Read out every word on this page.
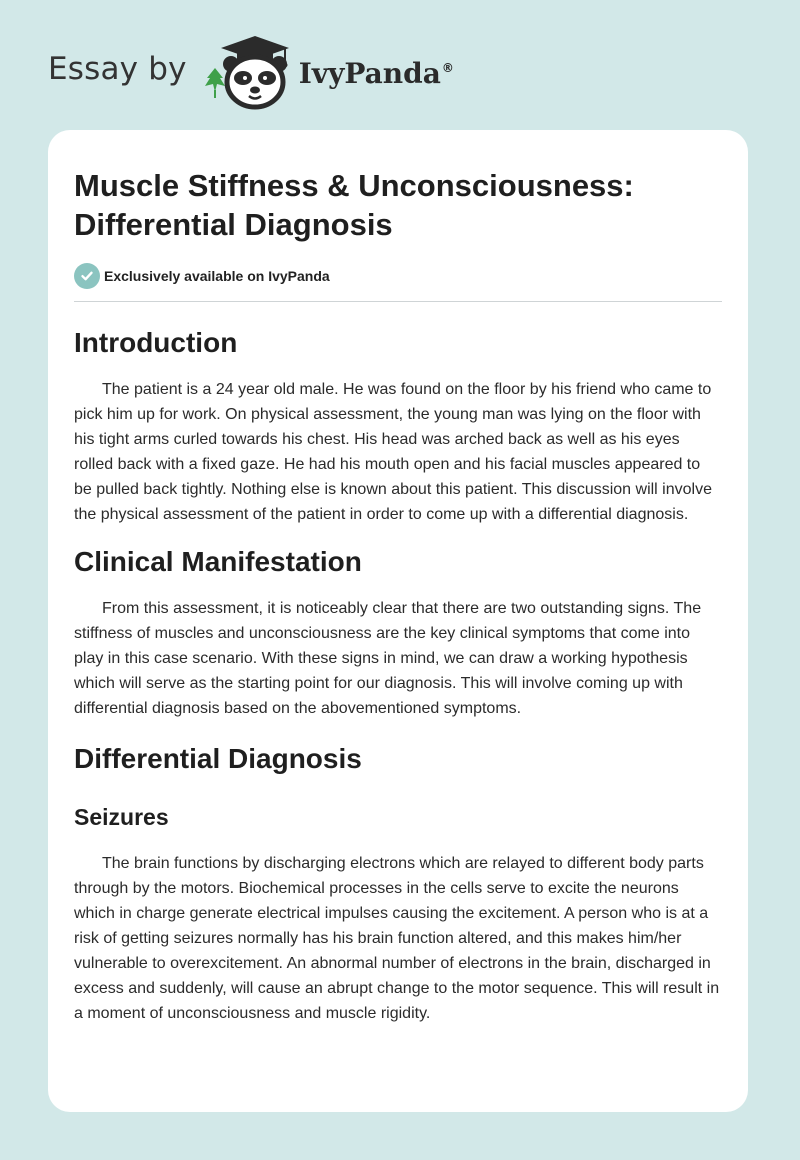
Essay by	IvyPanda®
Muscle Stiffness & Unconsciousness: Differential Diagnosis
Exclusively available on IvyPanda
Introduction

The patient is a 24 year old male. He was found on the floor by his friend who came to pick him up for work. On physical assessment, the young man was lying on the floor with his tight arms curled towards his chest. His head was arched back as well as his eyes rolled back with a fixed gaze. He had his mouth open and his facial muscles appeared to be pulled back tightly. Nothing else is known about this patient. This discussion will involve the physical assessment of the patient in order to come up with a differential diagnosis.

Clinical Manifestation

From this assessment, it is noticeably clear that there are two outstanding signs. The stiffness of muscles and unconsciousness are the key clinical symptoms that come into play in this case scenario. With these signs in mind, we can draw a working hypothesis which will serve as the starting point for our diagnosis. This will involve coming up with differential diagnosis based on the abovementioned symptoms.

Differential Diagnosis
Seizures

The brain functions by discharging electrons which are relayed to different body parts through by the motors. Biochemical processes in the cells serve to excite the neurons which in charge generate electrical impulses causing the excitement. A person who is at a risk of getting seizures normally has his brain function altered, and this makes him/her vulnerable to overexcitement. An abnormal number of electrons in the brain, discharged in excess and suddenly, will cause an abrupt change to the motor sequence. This will result in a moment of unconsciousness and muscle rigidity.
